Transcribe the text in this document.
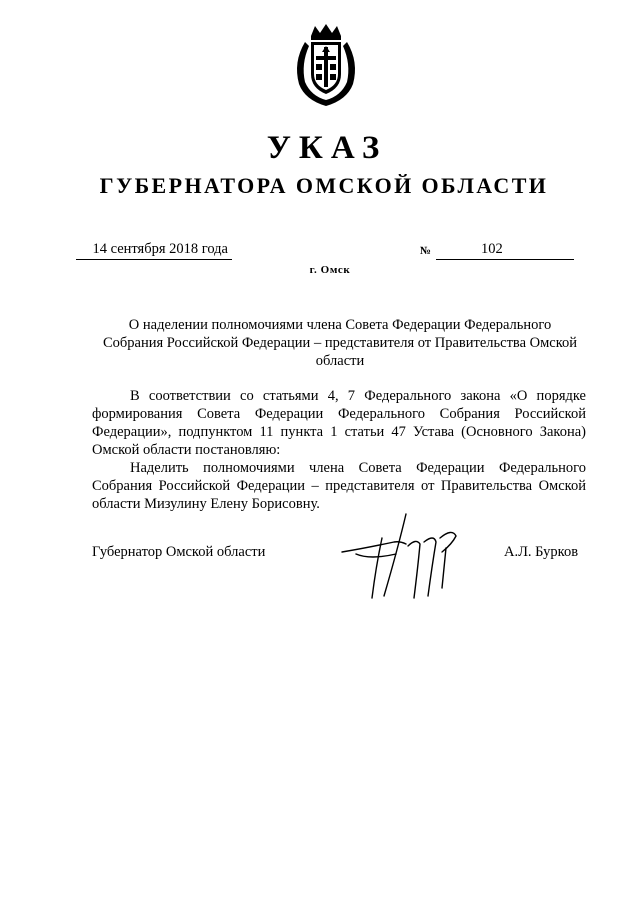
УКАЗ
ГУБЕРНАТОРА ОМСКОЙ ОБЛАСТИ
14 сентября 2018 года	№	102
г. Омск
О наделении полномочиями члена Совета Федерации Федерального Собрания Российской Федерации – представителя от Правительства Омской области
В соответствии со статьями 4, 7 Федерального закона «О порядке формирования Совета Федерации Федерального Собрания Российской Федерации», подпунктом 11 пункта 1 статьи 47 Устава (Основного Закона) Омской области постановляю:
Наделить полномочиями члена Совета Федерации Федерального Собрания Российской Федерации – представителя от Правительства Омской области Мизулину Елену Борисовну.
Губернатор Омской области	А.Л. Бурков
